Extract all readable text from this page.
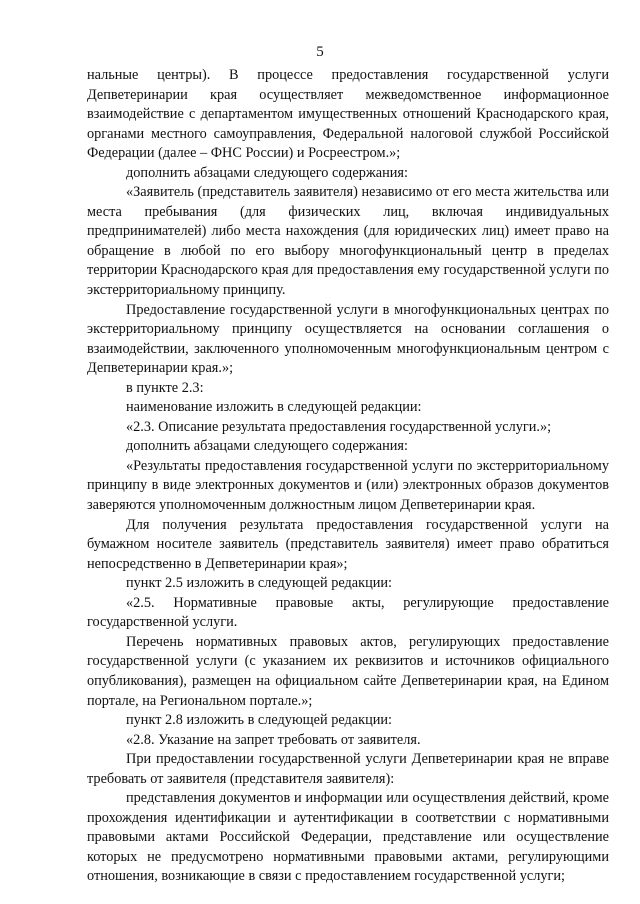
5

нальные центры). В процессе предоставления государственной услуги Депветеринарии края осуществляет межведомственное информационное взаимодействие с департаментом имущественных отношений Краснодарского края, органами местного самоуправления, Федеральной налоговой службой Российской Федерации (далее – ФНС России) и Росреестром.»;

дополнить абзацами следующего содержания:

«Заявитель (представитель заявителя) независимо от его места жительства или места пребывания (для физических лиц, включая индивидуальных предпринимателей) либо места нахождения (для юридических лиц) имеет право на обращение в любой по его выбору многофункциональный центр в пределах территории Краснодарского края для предоставления ему государственной услуги по экстерриториальному принципу.

Предоставление государственной услуги в многофункциональных центрах по экстерриториальному принципу осуществляется на основании соглашения о взаимодействии, заключенного уполномоченным многофункциональным центром с Депветеринарии края.»;

в пункте 2.3:

наименование изложить в следующей редакции:

«2.3. Описание результата предоставления государственной услуги.»;

дополнить абзацами следующего содержания:

«Результаты предоставления государственной услуги по экстерриториальному принципу в виде электронных документов и (или) электронных образов документов заверяются уполномоченным должностным лицом Депветеринарии края.

Для получения результата предоставления государственной услуги на бумажном носителе заявитель (представитель заявителя) имеет право обратиться непосредственно в Депветеринарии края»;

пункт 2.5 изложить в следующей редакции:

«2.5. Нормативные правовые акты, регулирующие предоставление государственной услуги.

Перечень нормативных правовых актов, регулирующих предоставление государственной услуги (с указанием их реквизитов и источников официального опубликования), размещен на официальном сайте Депветеринарии края, на Едином портале, на Региональном портале.»;

пункт 2.8 изложить в следующей редакции:

«2.8. Указание на запрет требовать от заявителя.

При предоставлении государственной услуги Депветеринарии края не вправе требовать от заявителя (представителя заявителя):

представления документов и информации или осуществления действий, кроме прохождения идентификации и аутентификации в соответствии с нормативными правовыми актами Российской Федерации, представление или осуществление которых не предусмотрено нормативными правовыми актами, регулирующими отношения, возникающие в связи с предоставлением государственной услуги;
